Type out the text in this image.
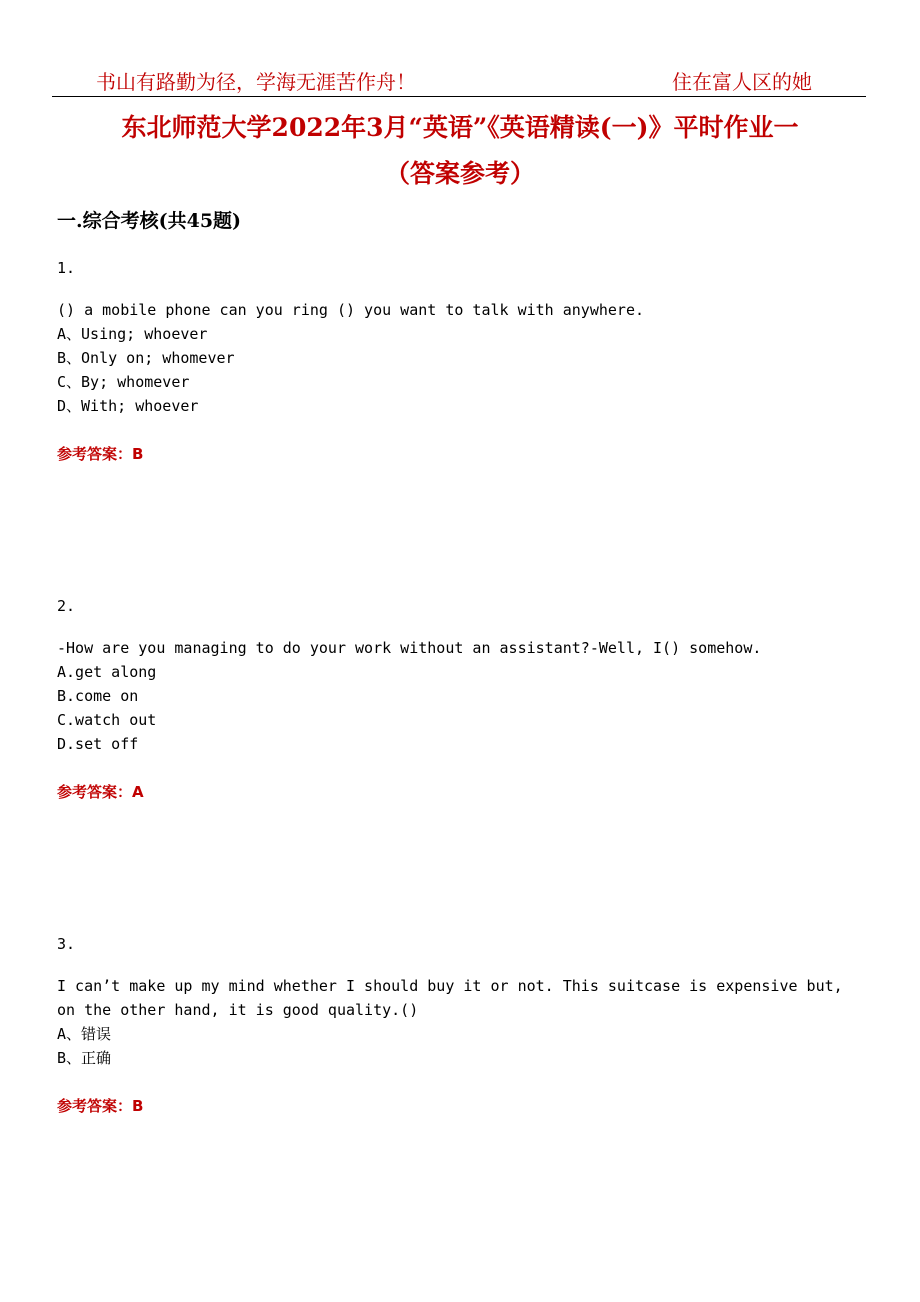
书山有路勤为径，学海无涯苦作舟！	住在富人区的她
东北师范大学2022年3月“英语”《英语精读(一)》平时作业一
（答案参考）
一.综合考核(共45题)
1.
() a mobile phone can you ring () you want to talk with anywhere.
A、Using; whoever
B、Only on; whomever
C、By; whomever
D、With; whoever
参考答案：B
2.
-How are you managing to do your work without an assistant?-Well, I() somehow.
A.get along
B.come on
C.watch out
D.set off
参考答案：A
3.
I can’t make up my mind whether I should buy it or not. This suitcase is expensive but,
on the other hand, it is good quality.()
A、错误
B、正确
参考答案：B
